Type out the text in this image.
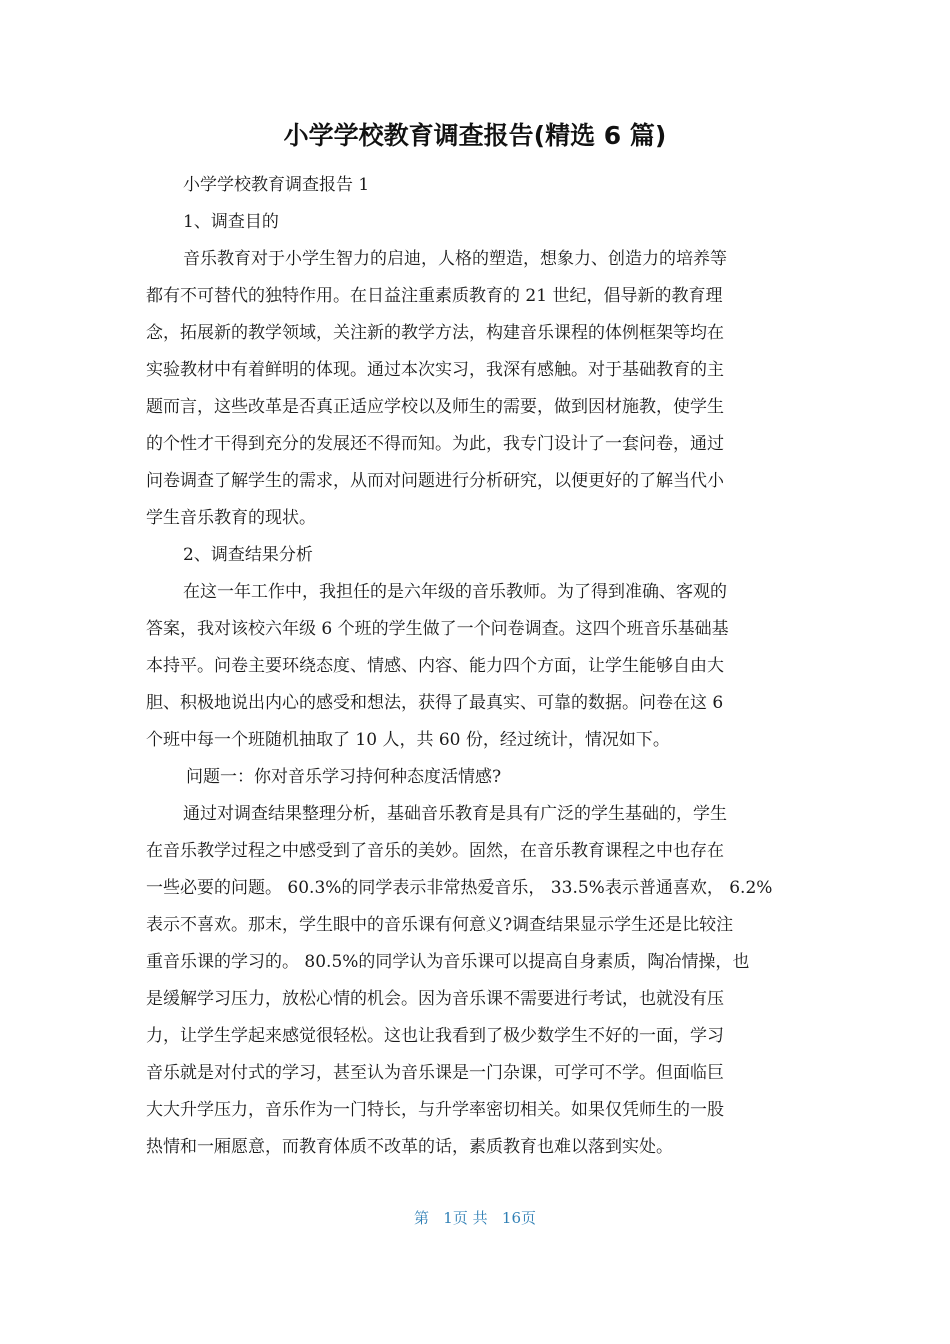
小学学校教育调查报告(精选 6 篇)

小学学校教育调查报告 1

1、调查目的

音乐教育对于小学生智力的启迪，人格的塑造，想象力、创造力的培养等

都有不可替代的独特作用。在日益注重素质教育的 21 世纪，倡导新的教育理

念，拓展新的教学领域，关注新的教学方法，构建音乐课程的体例框架等均在

实验教材中有着鲜明的体现。通过本次实习，我深有感触。对于基础教育的主

题而言，这些改革是否真正适应学校以及师生的需要，做到因材施教，使学生

的个性才干得到充分的发展还不得而知。为此，我专门设计了一套问卷，通过

问卷调查了解学生的需求，从而对问题进行分析研究，以便更好的了解当代小

学生音乐教育的现状。

2、调查结果分析

在这一年工作中，我担任的是六年级的音乐教师。为了得到准确、客观的

答案，我对该校六年级 6 个班的学生做了一个问卷调查。这四个班音乐基础基

本持平。问卷主要环绕态度、情感、内容、能力四个方面，让学生能够自由大

胆、积极地说出内心的感受和想法，获得了最真实、可靠的数据。问卷在这 6

个班中每一个班随机抽取了 10 人，共 60 份，经过统计，情况如下。

问题一：你对音乐学习持何种态度活情感?

通过对调查结果整理分析，基础音乐教育是具有广泛的学生基础的，学生

在音乐教学过程之中感受到了音乐的美妙。固然，在音乐教育课程之中也存在

一些必要的问题。 60.3%的同学表示非常热爱音乐， 33.5%表示普通喜欢， 6.2%

表示不喜欢。那末，学生眼中的音乐课有何意义?调查结果显示学生还是比较注

重音乐课的学习的。 80.5%的同学认为音乐课可以提高自身素质，陶冶情操，也

是缓解学习压力，放松心情的机会。因为音乐课不需要进行考试，也就没有压

力，让学生学起来感觉很轻松。这也让我看到了极少数学生不好的一面，学习

音乐就是对付式的学习，甚至认为音乐课是一门杂课，可学可不学。但面临巨

大大升学压力，音乐作为一门特长，与升学率密切相关。如果仅凭师生的一股

热情和一厢愿意，而教育体质不改革的话，素质教育也难以落到实处。

第   1页 共   16页
